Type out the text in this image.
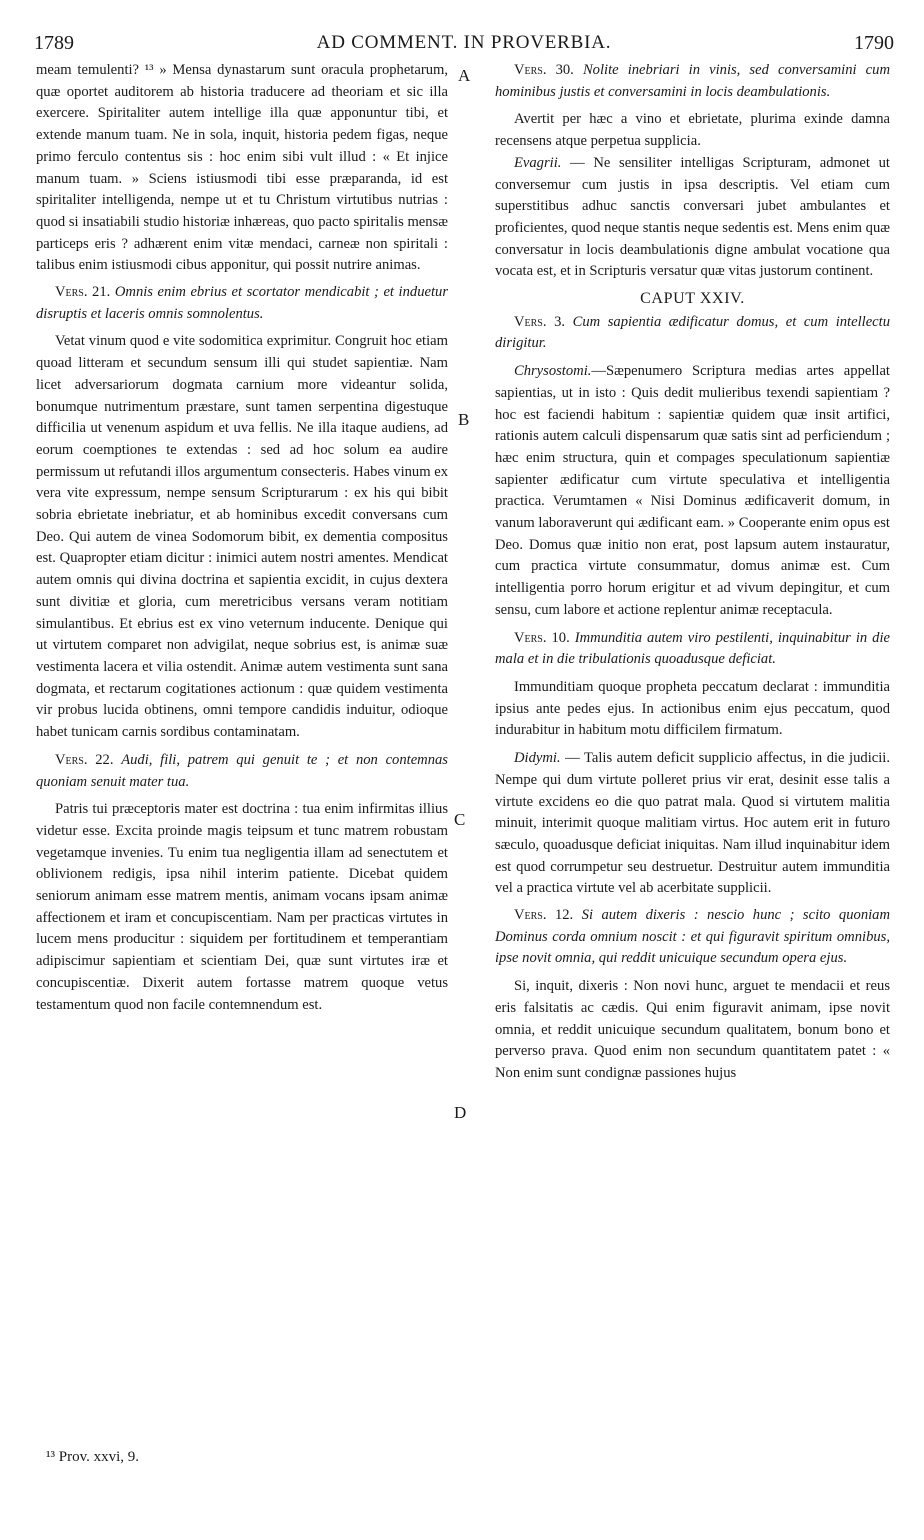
1789	AD COMMENT. IN PROVERBIA.	1790

meam temulenti? ¹³ » Mensa dynastarum sunt oracula prophetarum, quæ oportet auditorem ab historia traducere ad theoriam et sic illa exercere. Spiritaliter autem intellige illa quæ apponuntur tibi, et extende manum tuam. Ne in sola, inquit, historia pedem figas, neque primo ferculo contentus sis : hoc enim sibi vult illud : « Et injice manum tuam. » Sciens istiusmodi tibi esse præparanda, id est spiritaliter intelligenda, nempe ut et tu Christum virtutibus nutrias : quod si insatiabili studio historiæ inhæreas, quo pacto spiritalis mensæ particeps eris ? adhærent enim vitæ mendaci, carneæ non spiritali : talibus enim istiusmodi cibus apponitur, qui possit nutrire animas.

Vers. 21. Omnis enim ebrius et scortator mendicabit ; et induetur disruptis et laceris omnis somnolentus.

Vetat vinum quod e vite sodomitica exprimitur. Congruit hoc etiam quoad litteram et secundum sensum illi qui studet sapientiæ. Nam licet adversariorum dogmata carnium more videantur solida, bonumque nutrimentum præstare, sunt tamen serpentina digestuque difficilia ut venenum aspidum et uva fellis. Ne illa itaque audiens, ad eorum coemptiones te extendas : sed ad hoc solum ea audire permissum ut refutandi illos argumentum consecteris. Habes vinum ex vera vite expressum, nempe sensum Scripturarum : ex his qui bibit sobria ebrietate inebriatur, et ab hominibus excedit conversans cum Deo. Qui autem de vinea Sodomorum bibit, ex dementia compositus est. Quapropter etiam dicitur : inimici autem nostri amentes. Mendicat autem omnis qui divina doctrina et sapientia excidit, in cujus dextera sunt divitiæ et gloria, cum meretricibus versans veram notitiam simulantibus. Et ebrius est ex vino veternum inducente. Denique qui ut virtutem comparet non advigilat, neque sobrius est, is animæ suæ vestimenta lacera et vilia ostendit. Animæ autem vestimenta sunt sana dogmata, et rectarum cogitationes actionum : quæ quidem vestimenta vir probus lucida obtinens, omni tempore candidis induitur, odioque habet tunicam carnis sordibus contaminatam.

Vers. 22. Audi, fili, patrem qui genuit te ; et non contemnas quoniam senuit mater tua.

Patris tui præceptoris mater est doctrina : tua enim infirmitas illius videtur esse. Excita proinde magis teipsum et tunc matrem robustam vegetamque invenies. Tu enim tua negligentia illam ad senectutem et oblivionem redigis, ipsa nihil interim patiente. Dicebat quidem seniorum animam esse matrem mentis, animam vocans ipsam animæ affectionem et iram et concupiscentiam. Nam per practicas virtutes in lucem mens producitur : siquidem per fortitudinem et temperantiam adipiscimur sapientiam et scientiam Dei, quæ sunt virtutes iræ et concupiscentiæ. Dixerit autem fortasse matrem quoque vetus testamentum quod non facile contemnendum est.

Vers. 30. Nolite inebriari in vinis, sed conversamini cum hominibus justis et conversamini in locis deambulationis.

Avertit per hæc a vino et ebrietate, plurima exinde damna recensens atque perpetua supplicia.

Evagrii. — Ne sensiliter intelligas Scripturam, admonet ut conversemur cum justis in ipsa descriptis. Vel etiam cum superstitibus adhuc sanctis conversari jubet ambulantes et proficientes, quod neque stantis neque sedentis est. Mens enim quæ conversatur in locis deambulationis digne ambulat vocatione qua vocata est, et in Scripturis versatur quæ vitas justorum continent.

CAPUT XXIV.

Vers. 3. Cum sapientia ædificatur domus, et cum intellectu dirigitur.

Chrysostomi.—Sæpenumero Scriptura medias artes appellat sapientias, ut in isto : Quis dedit mulieribus texendi sapientiam ? hoc est faciendi habitum : sapientiæ quidem quæ insit artifici, rationis autem calculi dispensarum quæ satis sint ad perficiendum ; hæc enim structura, quin et compages speculationum sapientiæ sapienter ædificatur cum virtute speculativa et intelligentia practica. Verumtamen « Nisi Dominus ædificaverit domum, in vanum laboraverunt qui ædificant eam. » Cooperante enim opus est Deo. Domus quæ initio non erat, post lapsum autem instauratur, cum practica virtute consummatur, domus animæ est. Cum intelligentia porro horum erigitur et ad vivum depingitur, et cum sensu, cum labore et actione replentur animæ receptacula.

Vers. 10. Immunditia autem viro pestilenti, inquinabitur in die mala et in die tribulationis quoadusque deficiat.

Immunditiam quoque propheta peccatum declarat : immunditia ipsius ante pedes ejus. In actionibus enim ejus peccatum, quod indurabitur in habitum motu difficilem firmatum.

Didymi. — Talis autem deficit supplicio affectus, in die judicii. Nempe qui dum virtute polleret prius vir erat, desinit esse talis a virtute excidens eo die quo patrat mala. Quod si virtutem malitia minuit, interimit quoque malitiam virtus. Hoc autem erit in futuro sæculo, quoadusque deficiat iniquitas. Nam illud inquinabitur idem est quod corrumpetur seu destruetur. Destruitur autem immunditia vel a practica virtute vel ab acerbitate supplicii.

Vers. 12. Si autem dixeris : nescio hunc ; scito quoniam Dominus corda omnium noscit : et qui figuravit spiritum omnibus, ipse novit omnia, qui reddit unicuique secundum opera ejus.

Si, inquit, dixeris : Non novi hunc, arguet te mendacii et reus eris falsitatis ac cædis. Qui enim figuravit animam, ipse novit omnia, et reddit unicuique secundum qualitatem, bonum bono et perverso prava. Quod enim non secundum quantitatem patet : « Non enim sunt condignæ passiones hujus

A
B
C
D
¹³ Prov. xxvi, 9.
